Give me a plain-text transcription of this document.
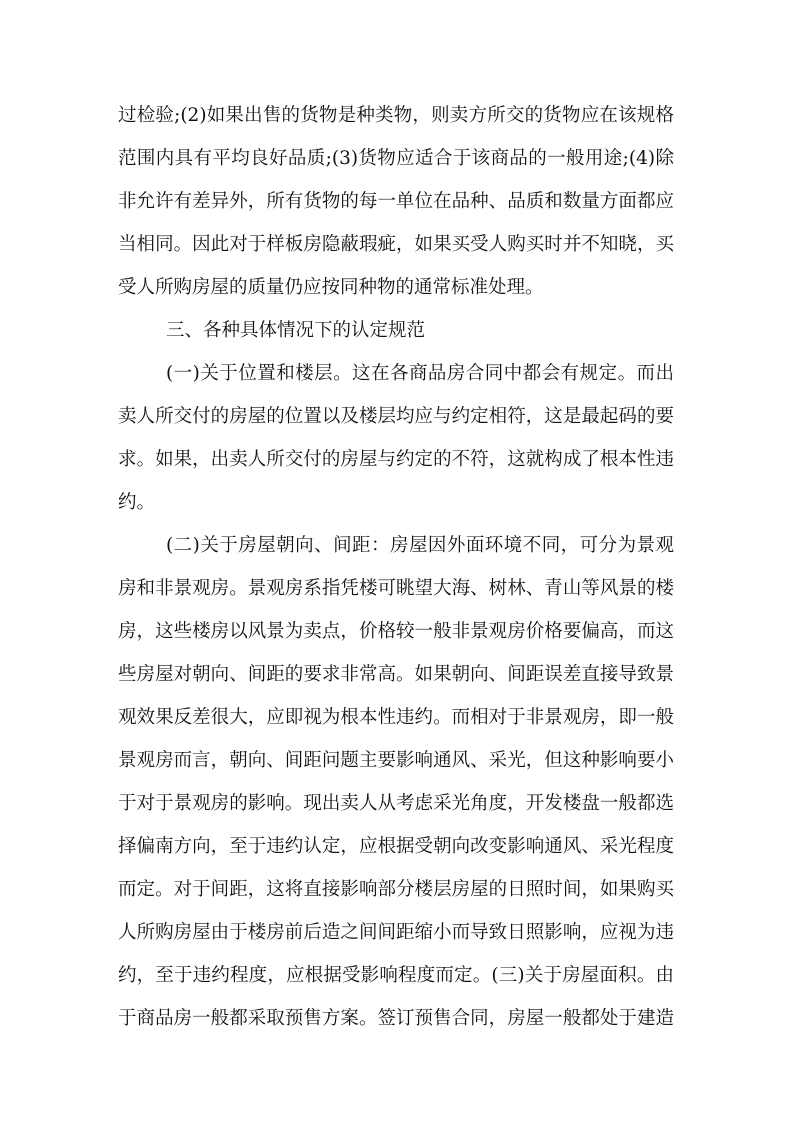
过检验;(2)如果出售的货物是种类物，则卖方所交的货物应在该规格
范围内具有平均良好品质;(3)货物应适合于该商品的一般用途;(4)除
非允许有差异外，所有货物的每一单位在品种、品质和数量方面都应
当相同。因此对于样板房隐蔽瑕疵，如果买受人购买时并不知晓，买
受人所购房屋的质量仍应按同种物的通常标准处理。
三、各种具体情况下的认定规范
(一)关于位置和楼层。这在各商品房合同中都会有规定。而出
卖人所交付的房屋的位置以及楼层均应与约定相符，这是最起码的要
求。如果，出卖人所交付的房屋与约定的不符，这就构成了根本性违
约。
(二)关于房屋朝向、间距：房屋因外面环境不同，可分为景观
房和非景观房。景观房系指凭楼可眺望大海、树林、青山等风景的楼
房，这些楼房以风景为卖点，价格较一般非景观房价格要偏高，而这
些房屋对朝向、间距的要求非常高。如果朝向、间距误差直接导致景
观效果反差很大，应即视为根本性违约。而相对于非景观房，即一般
景观房而言，朝向、间距问题主要影响通风、采光，但这种影响要小
于对于景观房的影响。现出卖人从考虑采光角度，开发楼盘一般都选
择偏南方向，至于违约认定，应根据受朝向改变影响通风、采光程度
而定。对于间距，这将直接影响部分楼层房屋的日照时间，如果购买
人所购房屋由于楼房前后造之间间距缩小而导致日照影响，应视为违
约，至于违约程度，应根据受影响程度而定。(三)关于房屋面积。由
于商品房一般都采取预售方案。签订预售合同，房屋一般都处于建造
